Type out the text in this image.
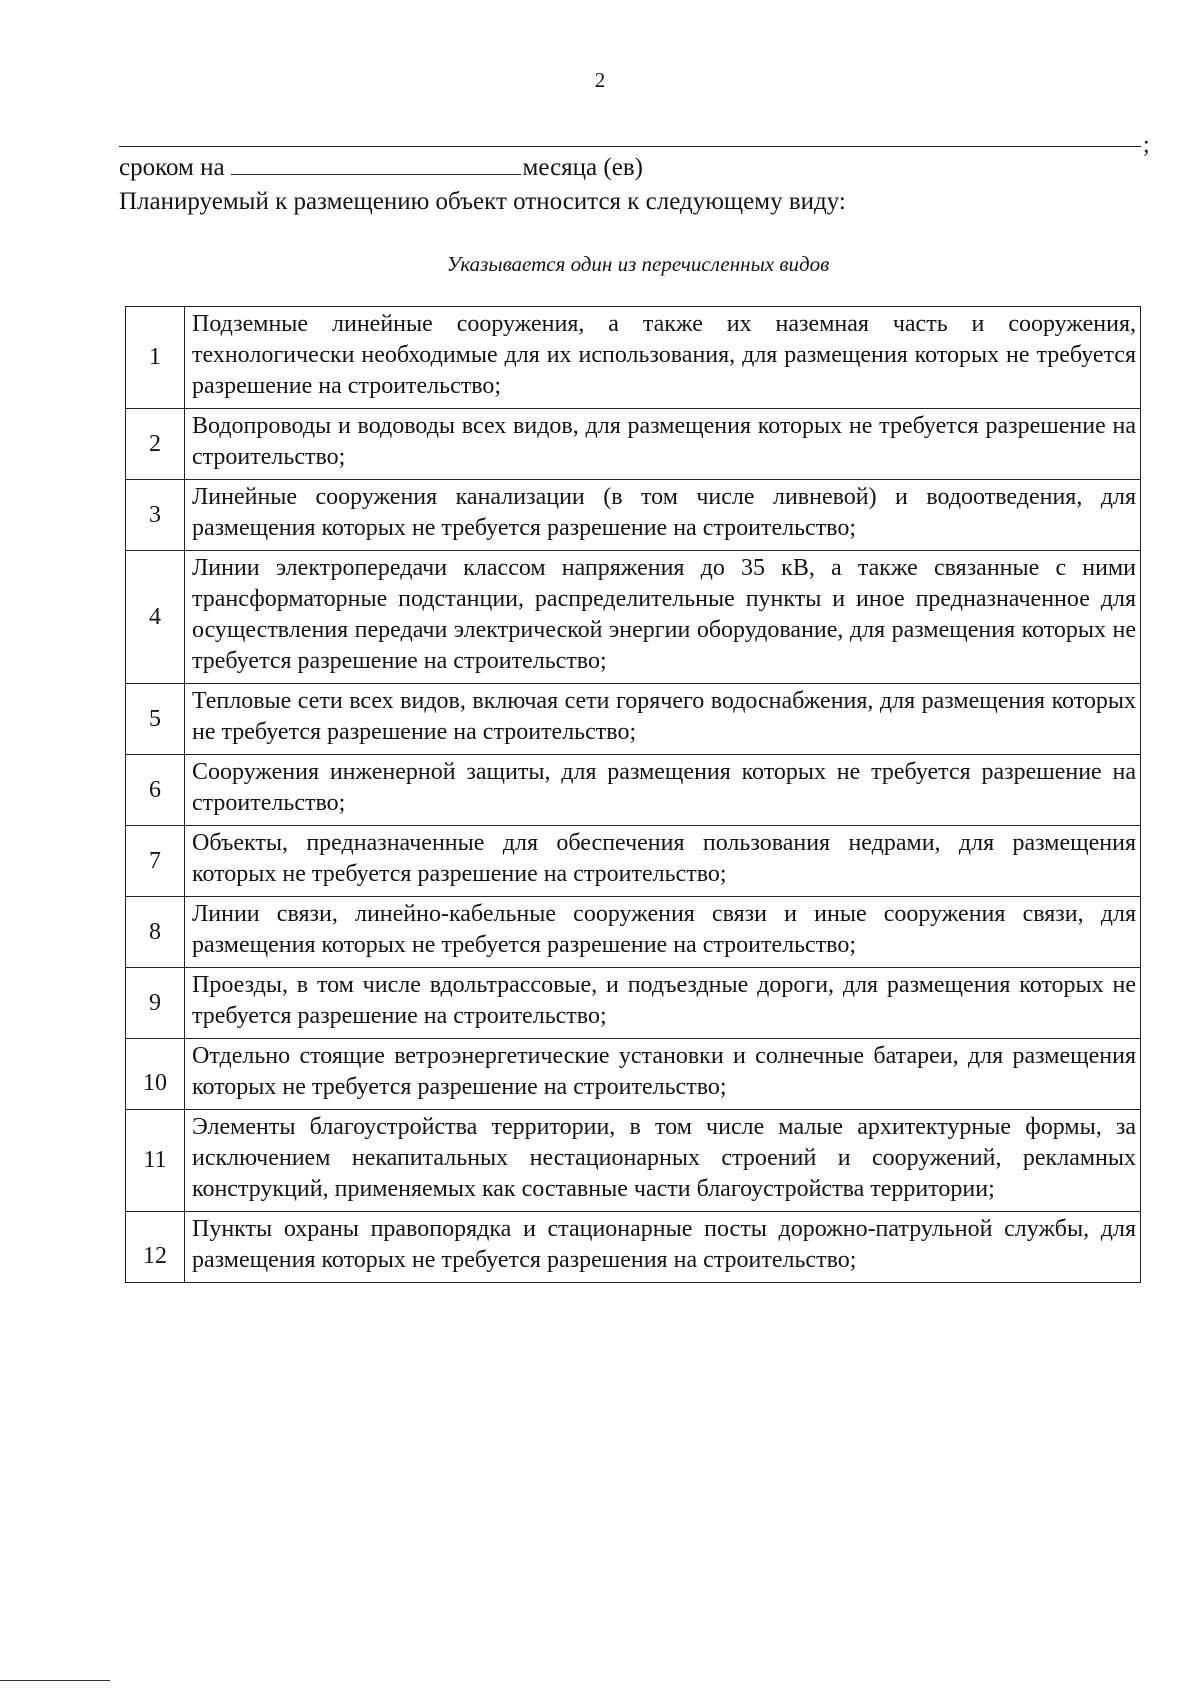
2
;
сроком на	месяца (ев)
Планируемый к размещению объект относится к следующему виду:
Указывается один из перечисленных видов
1	Подземные линейные сооружения, а также их наземная часть и сооружения, технологически необходимые для их использования, для размещения которых не требуется разрешение на строительство;
2	Водопроводы и водоводы всех видов, для размещения которых не требуется разрешение на строительство;
3	Линейные сооружения канализации (в том числе ливневой) и водоотведения, для размещения которых не требуется разрешение на строительство;
4	Линии электропередачи классом напряжения до 35 кВ, а также связанные с ними трансформаторные подстанции, распределительные пункты и иное предназначенное для осуществления передачи электрической энергии оборудование, для размещения которых не требуется разрешение на строительство;
5	Тепловые сети всех видов, включая сети горячего водоснабжения, для размещения которых не требуется разрешение на строительство;
6	Сооружения инженерной защиты, для размещения которых не требуется разрешение на строительство;
7	Объекты, предназначенные для обеспечения пользования недрами, для размещения которых не требуется разрешение на строительство;
8	Линии связи, линейно-кабельные сооружения связи и иные сооружения связи, для размещения которых не требуется разрешение на строительство;
9	Проезды, в том числе вдольтрассовые, и подъездные дороги, для размещения которых не требуется разрешение на строительство;
10	Отдельно стоящие ветроэнергетические установки и солнечные батареи, для размещения которых не требуется разрешение на строительство;
11	Элементы благоустройства территории, в том числе малые архитектурные формы, за исключением некапитальных нестационарных строений и сооружений, рекламных конструкций, применяемых как составные части благоустройства территории;
12	Пункты охраны правопорядка и стационарные посты дорожно-патрульной службы, для размещения которых не требуется разрешения на строительство;
